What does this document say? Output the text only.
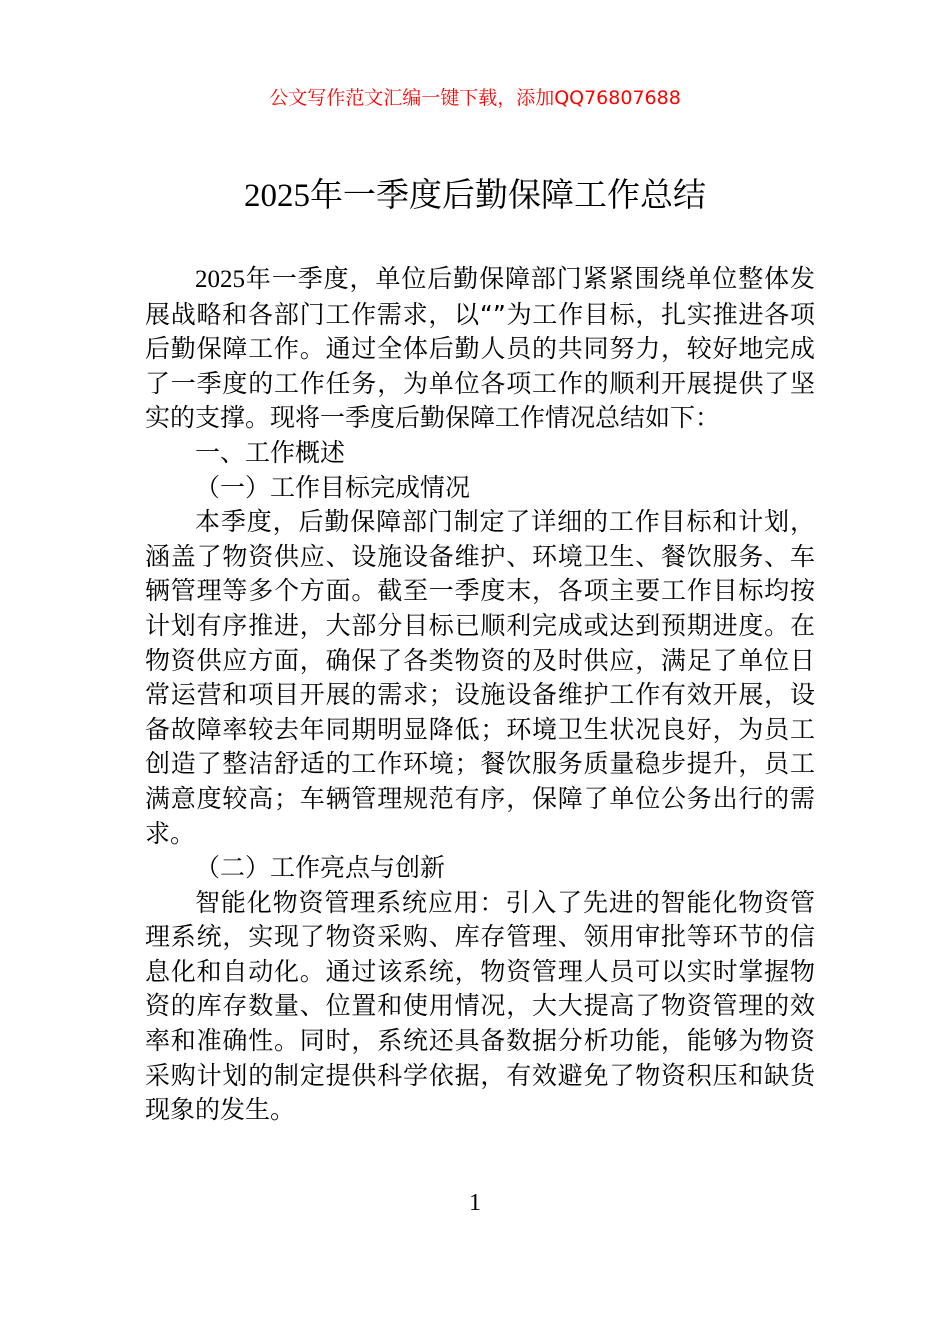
公文写作范文汇编一键下载，添加QQ76807688
2025年一季度后勤保障工作总结

2025年一季度，单位后勤保障部门紧紧围绕单位整体发展战略和各部门工作需求，以“”为工作目标，扎实推进各项后勤保障工作。通过全体后勤人员的共同努力，较好地完成了一季度的工作任务，为单位各项工作的顺利开展提供了坚实的支撑。现将一季度后勤保障工作情况总结如下：

一、工作概述

（一）工作目标完成情况

本季度，后勤保障部门制定了详细的工作目标和计划，涵盖了物资供应、设施设备维护、环境卫生、餐饮服务、车辆管理等多个方面。截至一季度末，各项主要工作目标均按计划有序推进，大部分目标已顺利完成或达到预期进度。在物资供应方面，确保了各类物资的及时供应，满足了单位日常运营和项目开展的需求；设施设备维护工作有效开展，设备故障率较去年同期明显降低；环境卫生状况良好，为员工创造了整洁舒适的工作环境；餐饮服务质量稳步提升，员工满意度较高；车辆管理规范有序，保障了单位公务出行的需求。

（二）工作亮点与创新

智能化物资管理系统应用：引入了先进的智能化物资管理系统，实现了物资采购、库存管理、领用审批等环节的信息化和自动化。通过该系统，物资管理人员可以实时掌握物资的库存数量、位置和使用情况，大大提高了物资管理的效率和准确性。同时，系统还具备数据分析功能，能够为物资采购计划的制定提供科学依据，有效避免了物资积压和缺货现象的发生。

1
